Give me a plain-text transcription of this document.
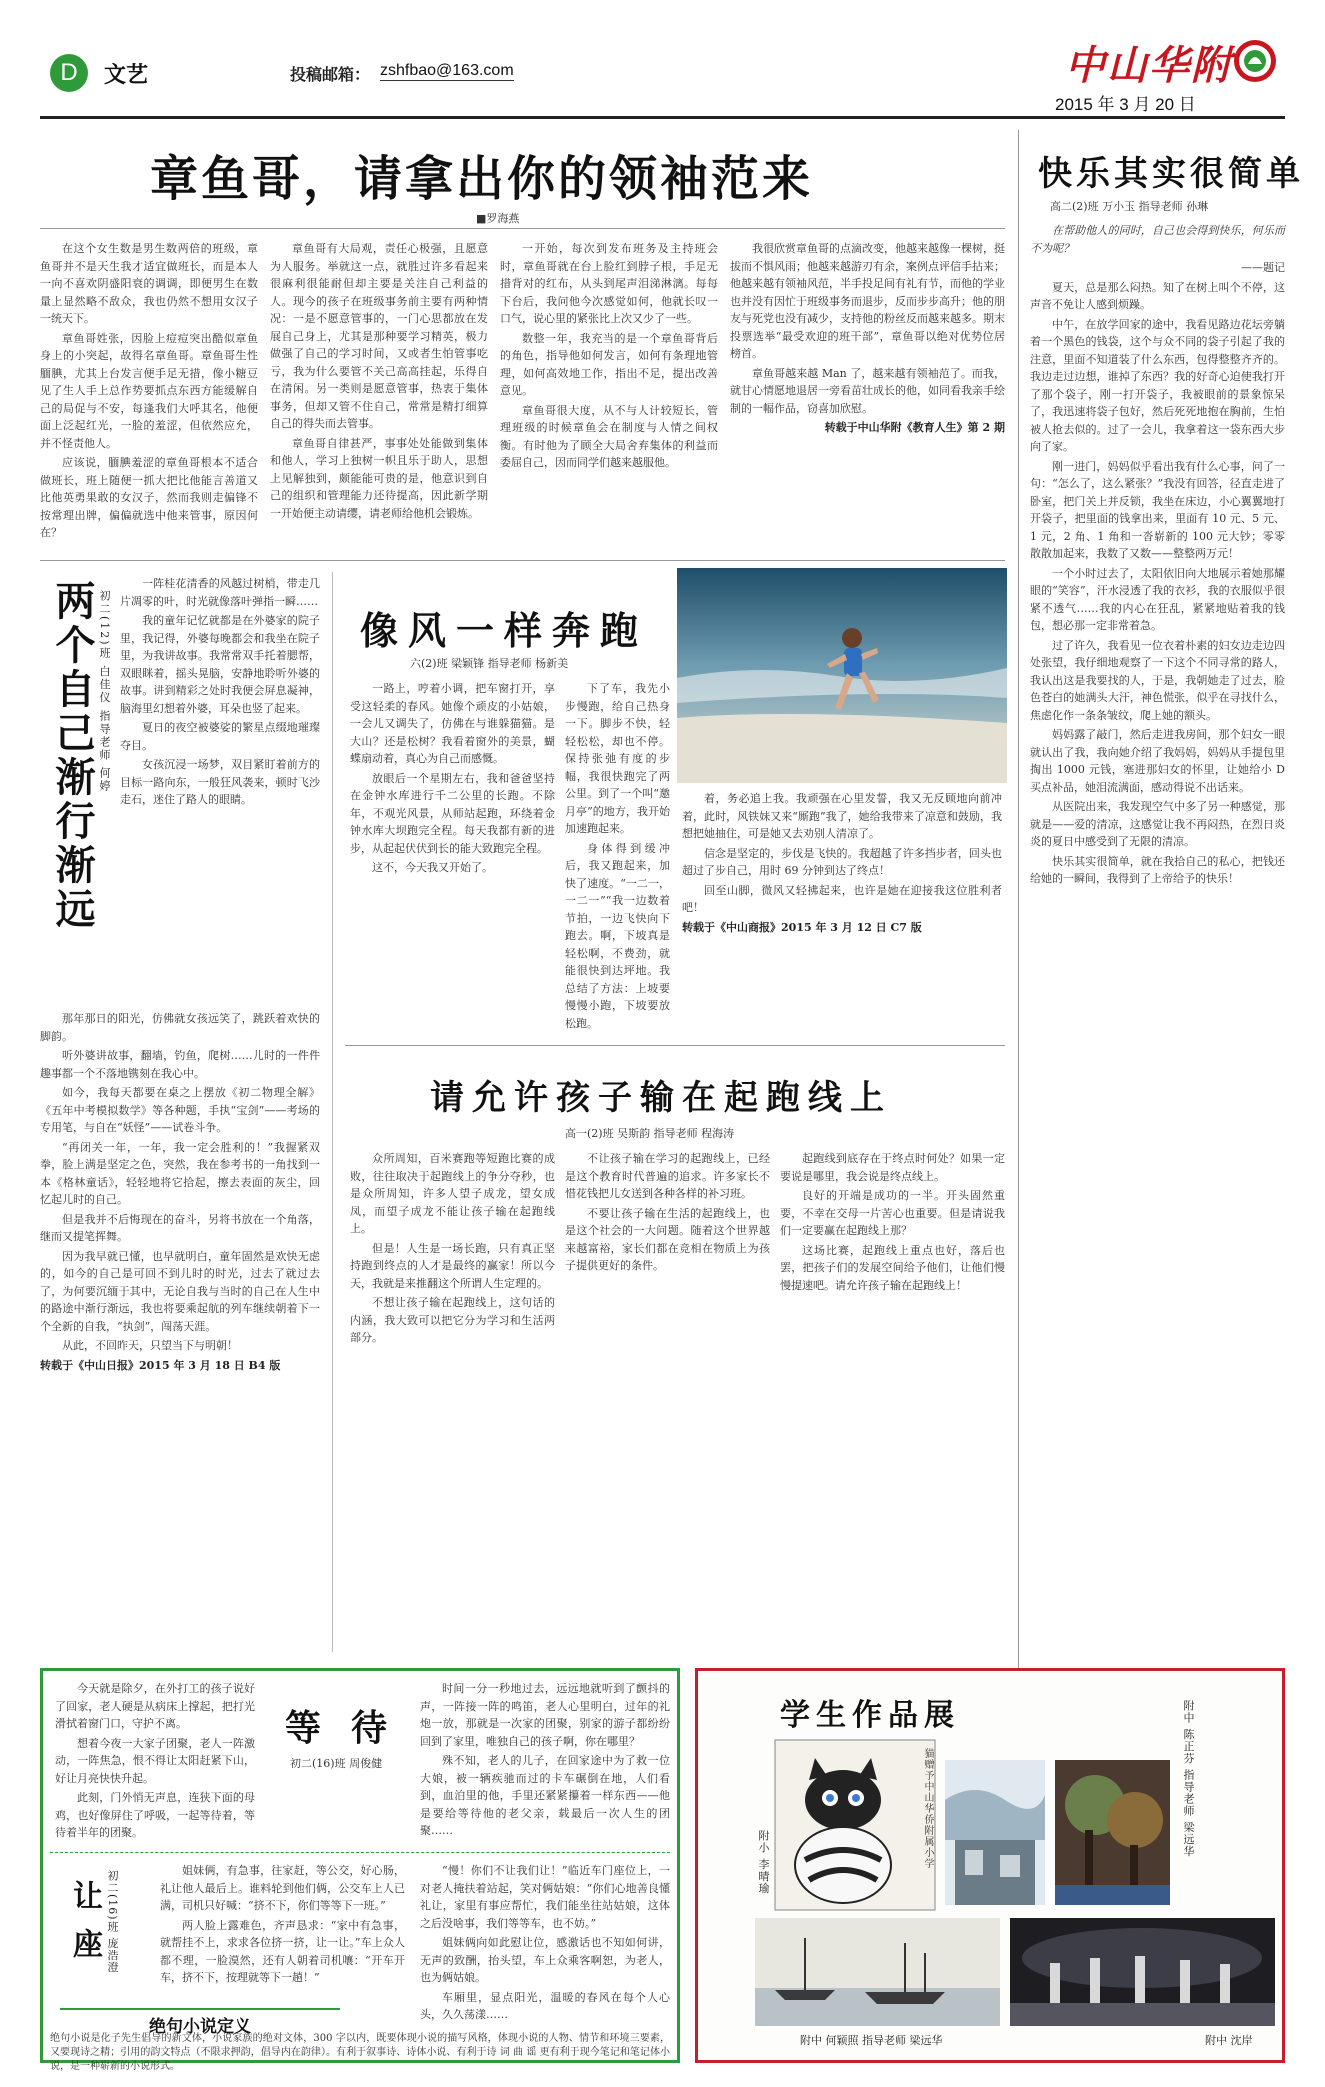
D	文艺	投稿邮箱： zshfbao@163.com	中山华附
2015 年 3 月 20 日
章鱼哥，请拿出你的领袖范来
■罗海燕

在这个女生数是男生数两倍的班级，章鱼哥并不是天生我才适宜做班长，而是本人一向不喜欢阴盛阳衰的调调，即便男生在数量上显然略不敌众，我也仍然不想用女汉子一统天下。

章鱼哥姓张，因脸上痘痘突出酷似章鱼身上的小突起，故得名章鱼哥。章鱼哥生性腼腆，尤其上台发言便手足无措，像小糖豆见了生人手上总作势要抓点东西方能缓解自己的局促与不安，每逢我们大呼其名，他便面上泛起红光，一脸的羞涩，但依然应允，并不怪责他人。

应该说，腼腆羞涩的章鱼哥根本不适合做班长，班上随便一抓大把比他能言善道又比他英勇果敢的女汉子，然而我则走偏锋不按常理出牌，偏偏就选中他来管事，原因何在？

章鱼哥有大局观，责任心极强，且愿意为人服务。举就这一点，就胜过许多看起来很麻利很能耐但却主要是关注自己利益的人。现今的孩子在班级事务前主要有两种情况：一是不愿意管事的，一门心思都放在发展自己身上，尤其是那种要学习精英，极力做强了自己的学习时间，又或者生怕管事吃亏，我为什么要管不关己高高挂起，乐得自在清闲。另一类则是愿意管事，热衷于集体事务，但却又管不住自己，常常是精打细算自己的得失而去管事。

章鱼哥自律甚严，事事处处能做到集体和他人，学习上独树一帜且乐于助人，思想上见解独到，颇能能可贵的是，他意识到自己的组织和管理能力还待提高，因此新学期一开始便主动请缨，请老师给他机会锻炼。

一开始，每次到发布班务及主持班会时，章鱼哥就在台上脸红到脖子根，手足无措背对的红布，从头到尾声泪涕淋漓。每每下台后，我问他今次感觉如何，他就长叹一口气，说心里的紧张比上次又少了一些。

数整一年，我充当的是一个章鱼哥背后的角色，指导他如何发言，如何有条理地管理，如何高效地工作，指出不足，提出改善意见。

章鱼哥很大度，从不与人计较短长，管理班级的时候章鱼会在制度与人情之间权衡。有时他为了顾全大局舍弃集体的利益而委屈自己，因而同学们越来越服他。

我很欣赏章鱼哥的点滴改变，他越来越像一棵树，挺拔而不惧风雨；他越来越游刃有余，案例点评信手拈来；他越来越有领袖风范，半手投足间有礼有节，而他的学业也并没有因忙于班级事务而退步，反而步步高升；他的朋友与死党也没有减少，支持他的粉丝反而越来越多。期末投票选举“最受欢迎的班干部”，章鱼哥以绝对优势位居榜首。

章鱼哥越来越 Man 了，越来越有领袖范了。而我，就甘心情愿地退居一旁看苗壮成长的他，如同看我亲手绘制的一幅作品，窃喜加欣慰。

转载于中山华附《教育人生》第 2 期

快乐其实很简单
高二(2)班 万小玉 指导老师 孙琳

在帮助他人的同时，自己也会得到快乐，何乐而不为呢？

——题记

夏天，总是那么闷热。知了在树上叫个不停，这声音不免让人感到烦躁。

中午，在放学回家的途中，我看见路边花坛旁躺着一个黑色的钱袋，这个与众不同的袋子引起了我的注意，里面不知道装了什么东西，包得整整齐齐的。我边走过边想，谁掉了东西？我的好奇心迫使我打开了那个袋子，刚一打开袋子，我被眼前的景象惊呆了，我迅速将袋子包好，然后死死地抱在胸前，生怕被人抢去似的。过了一会儿，我拿着这一袋东西大步向了家。

刚一进门，妈妈似乎看出我有什么心事，问了一句：“怎么了，这么紧张？”我没有回答，径直走进了卧室，把门关上并反锁，我坐在床边，小心翼翼地打开袋子，把里面的钱拿出来，里面有 10 元、5 元、1 元，2 角、1 角和一沓崭新的 100 元大钞；零零散散加起来，我数了又数——整整两万元！

一个小时过去了，太阳依旧向大地展示着她那耀眼的“笑容”，汗水浸透了我的衣衫，我的衣服似乎很紧不透气……我的内心在狂乱，紧紧地贴着我的钱包，想必那一定非常着急。

过了许久，我看见一位衣着朴素的妇女边走边四处张望，我仔细地观察了一下这个不同寻常的路人，我认出这是我要找的人，于是，我朝她走了过去，脸色苍白的她满头大汗，神色慌张，似乎在寻找什么，焦虑化作一条条皱纹，爬上她的额头。

妈妈露了敲门，然后走进我房间，那个妇女一眼就认出了我，我向她介绍了我妈妈，妈妈从手提包里掏出 1000 元钱，塞进那妇女的怀里，让她给小 D 买点补品，她泪流满面，感动得说不出话来。

从医院出来，我发现空气中多了另一种感觉，那就是——爱的清凉，这感觉让我不再闷热，在烈日炎炎的夏日中感受到了无限的清凉。

快乐其实很简单，就在我拾自己的私心，把钱还给她的一瞬间，我得到了上帝给予的快乐！

两个自己渐行渐远 初二(12)班 白佳仪 指导老师 何婷

一阵桂花清香的风越过树梢，带走几片凋零的叶，时光就像落叶弹指一瞬……

我的童年记忆就都是在外婆家的院子里，我记得，外婆每晚都会和我坐在院子里，为我讲故事。我常常双手托着腮帮，双眼眯着，摇头晃脑，安静地聆听外婆的故事。讲到精彩之处时我便会屏息凝神，脑海里幻想着外婆，耳朵也竖了起来。

夏日的夜空被婆娑的繁星点缀地璀璨夺目。

女孩沉浸一场梦，双目紧盯着前方的目标一路向东，一般狂风袭来，顿时飞沙走石，迷住了路人的眼睛。

那年那日的阳光，仿佛就女孩远笑了，跳跃着欢快的脚韵。

听外婆讲故事，翻墙，钓鱼，爬树……儿时的一件件趣事都一个不落地镌刻在我心中。

如今，我每天都要在桌之上摆放《初二物理全解》《五年中考模拟数学》等各种题，手执“宝剑”——考场的专用笔，与自在“妖怪”——试卷斗争。

“再闭关一年，一年，我一定会胜利的！”我握紧双拳，脸上满是坚定之色，突然，我在参考书的一角找到一本《格林童话》，轻轻地将它拾起，擦去表面的灰尘，回忆起儿时的自己。

但是我并不后悔现在的奋斗，另将书放在一个角落，继而又提笔挥舞。

因为我早就已懂，也早就明白，童年固然是欢快无虑的，如今的自己是可回不到儿时的时光，过去了就过去了，为何要沉缅于其中，无论自我与当时的自己在人生中的路途中渐行渐远，我也将要乘起航的列车继续朝着下一个全新的自我，“执剑”，闯荡天涯。

从此，不回昨天，只望当下与明朝！

转载于《中山日报》2015 年 3 月 18 日 B4 版

像风一样奔跑
六(2)班 梁颖锋 指导老师 杨新美

一路上，哼着小调，把车窗打开，享受这轻柔的春风。她像个顽皮的小姑娘，一会儿又调失了，仿佛在与谁躲猫猫。是大山？还是松树？我看着窗外的美景，蝴蝶扇动着，真心为自己而感慨。

放眼后一个星期左右，我和爸爸坚持在金钟水库进行千二公里的长跑。不除年，不观光风景，从师站起跑，环绕着金钟水库大坝跑完全程。每天我都有新的进步，从起起伏伏到长的能大致跑完全程。

这不，今天我又开始了。

下了车，我先小步慢跑，给自己热身一下。脚步不快，轻轻松松，却也不停。保持张弛有度的步幅，我很快跑完了两公里。到了一个叫“邀月亭”的地方，我开始加速跑起来。

身体得到缓冲后，我又跑起来，加快了速度。“一二一，一二一”“我一边数着节拍，一边飞快向下跑去。啊，下坡真是轻松啊，不费劲，就能很快到达坪地。我总结了方法：上坡要慢慢小跑，下坡要放松跑。

着，务必追上我。我顽强在心里发誓，我又无反顾地向前冲着，此时，风铁妹又来“厮跑”我了，她给我带来了凉意和鼓励，我想把她抽住，可是她又去劝别人清凉了。

信念是坚定的，步伐是飞快的。我超越了许多挡步者，回头也超过了步自己，用时 69 分钟到达了终点！

回至山脚，微风又轻拂起来，也许是她在迎接我这位胜利者吧！

转载于《中山商报》2015 年 3 月 12 日 C7 版

请允许孩子输在起跑线上
高一(2)班 吴斯韵 指导老师 程海涛

众所周知，百米赛跑等短跑比赛的成败，往往取决于起跑线上的争分夺秒，也是众所周知，许多人望子成龙，望女成凤，而望子成龙不能让孩子输在起跑线上。

但是！人生是一场长跑，只有真正坚持跑到终点的人才是最终的赢家！所以今天，我就是来推翻这个所谓人生定理的。

不想让孩子输在起跑线上，这句话的内涵，我大致可以把它分为学习和生活两部分。

不让孩子输在学习的起跑线上，已经是这个教育时代普遍的追求。许多家长不惜花钱把儿女送到各种各样的补习班。

不要让孩子输在生活的起跑线上，也是这个社会的一大问题。随着这个世界越来越富裕，家长们都在竞相在物质上为孩子提供更好的条件。

起跑线到底存在于终点时何处？如果一定要说是哪里，我会说是终点线上。

良好的开端是成功的一半。开头固然重要，不幸在交母一片苦心也重要。但是请说我们一定要赢在起跑线上那？

这场比赛，起跑线上重点也好，落后也罢，把孩子们的发展空间给予他们，让他们慢慢提速吧。请允许孩子输在起跑线上！

今天就是除夕，在外打工的孩子说好了回家，老人硬是从病床上撑起，把打光滑拭着窗门口，守护不离。

想着今夜一大家子团聚，老人一阵激动，一阵焦急，恨不得让太阳赶紧下山，好让月亮快快升起。

此刻，门外悄无声息，连狭下面的母鸡，也好像屏住了呼吸，一起等待着，等待着半年的团聚。

等待
初二(16)班 周俊健

时间一分一秒地过去，远远地就听到了颤抖的声，一阵接一阵的鸣笛，老人心里明白，过年的礼炮一放，那就是一次家的团聚，别家的游子都纷纷回到了家里，唯独自己的孩子啊，你在哪里？

殊不知，老人的儿子，在回家途中为了救一位大娘，被一辆疾驰而过的卡车碾倒在地，人们看到，血泊里的他，手里还紧紧攥着一样东西——他是要给等待他的老父亲，载最后一次人生的团聚……

让座 初二(16)班 庞浩澄	姐妹俩，有急事，往家赶，等公交，好心肠，礼让他人最后上。谁料轮到他们俩，公交车上人已满，司机只好喊：“挤不下，你们等等下一班。”

两人脸上露难色，齐声恳求：“家中有急事，就帮挂不上，求求各位挤一挤，让一让。”车上众人都不理，一脸漠然，还有人朝着司机嚷：“开车开车，挤不下，按理就等下一趟！”

“慢！你们不让我们让！”临近车门座位上，一对老人掩扶着站起，笑对俩姑娘：“你们心地善良懂礼让，家里有事应帮忙，我们能坐往站姑娘，这体之后没啥事，我们等等车，也不妨。”

姐妹俩向如此慰让位，感激话也不知如何讲，无声的致酬，抬头望，车上众乘客啊恕，为老人，也为俩姑娘。

车厢里，显点阳光，温暖的春风在每个人心头，久久荡漾……

绝句小说定义
绝句小说是化子先生倡导的新文体，小说家族的绝对文体，300 字以内，既要体现小说的描写风格，体现小说的人物、情节和环境三要素，又要现诗之精；引用的韵文特点（不限求押韵，倡导内在韵律）。有利于叙事诗、诗体小说、有利于诗 词 曲 谣 更有利于现今笔记和笔记体小说，是一种崭新的小说形式。
学生作品展
猫赠予中山华侨附属小学
附小 李晴瑜
附中 陈正芬 指导老师 梁远华
附中 何颖照 指导老师 梁远华	附中 沈岸
